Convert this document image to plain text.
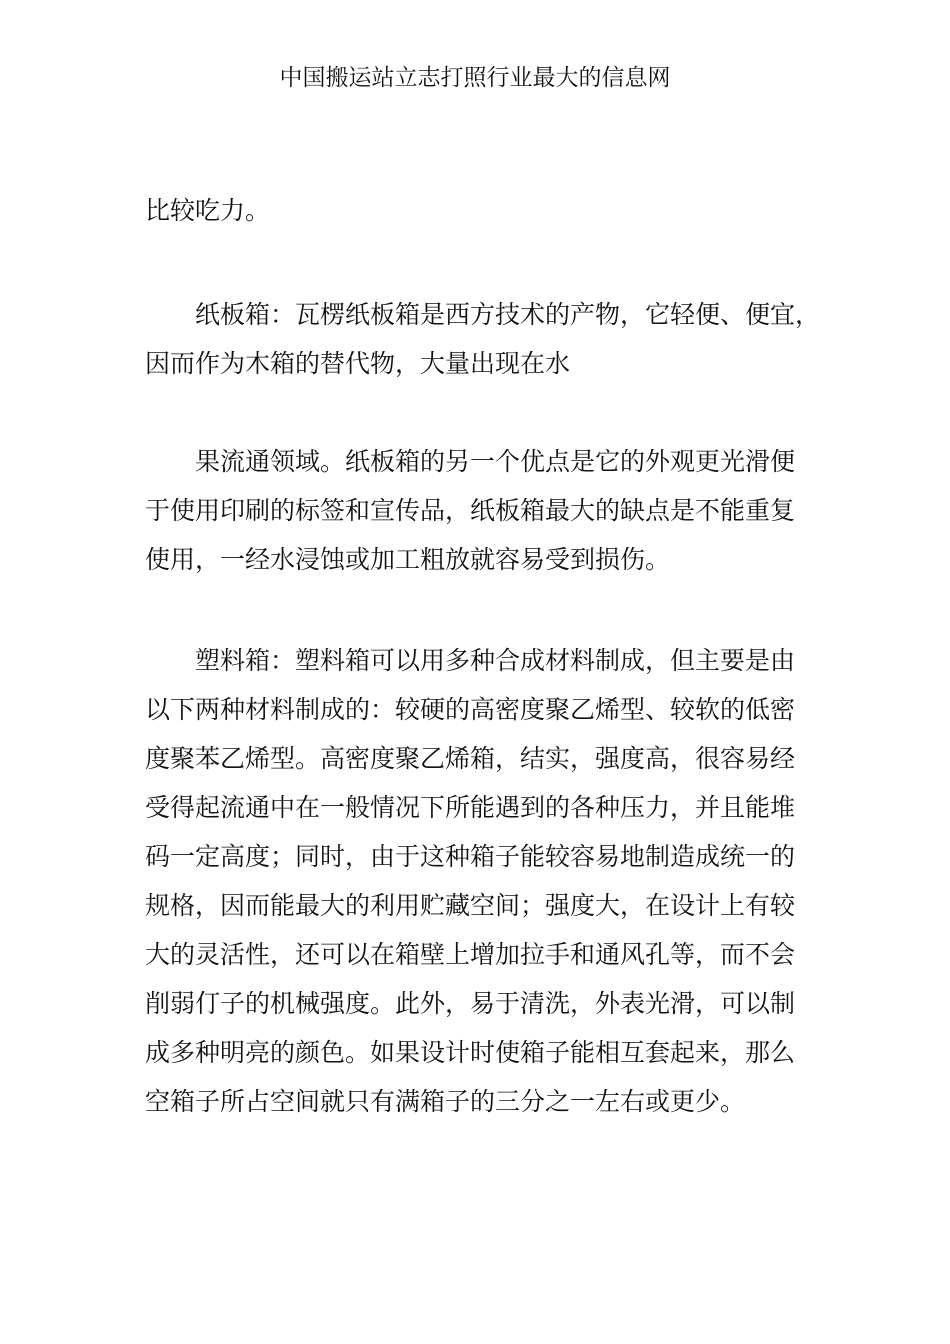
中国搬运站立志打照行业最大的信息网

比较吃力。

纸板箱：瓦楞纸板箱是西方技术的产物，它轻便、便宜，
因而作为木箱的替代物，大量出现在水

果流通领域。纸板箱的另一个优点是它的外观更光滑便
于使用印刷的标签和宣传品，纸板箱最大的缺点是不能重复
使用，一经水浸蚀或加工粗放就容易受到损伤。

塑料箱：塑料箱可以用多种合成材料制成，但主要是由
以下两种材料制成的：较硬的高密度聚乙烯型、较软的低密
度聚苯乙烯型。高密度聚乙烯箱，结实，强度高，很容易经
受得起流通中在一般情况下所能遇到的各种压力，并且能堆
码一定高度；同时，由于这种箱子能较容易地制造成统一的
规格，因而能最大的利用贮藏空间；强度大，在设计上有较
大的灵活性，还可以在箱壁上增加拉手和通风孔等，而不会
削弱仃子的机械强度。此外，易于清洗，外表光滑，可以制
成多种明亮的颜色。如果设计时使箱子能相互套起来，那么
空箱子所占空间就只有满箱子的三分之一左右或更少。
